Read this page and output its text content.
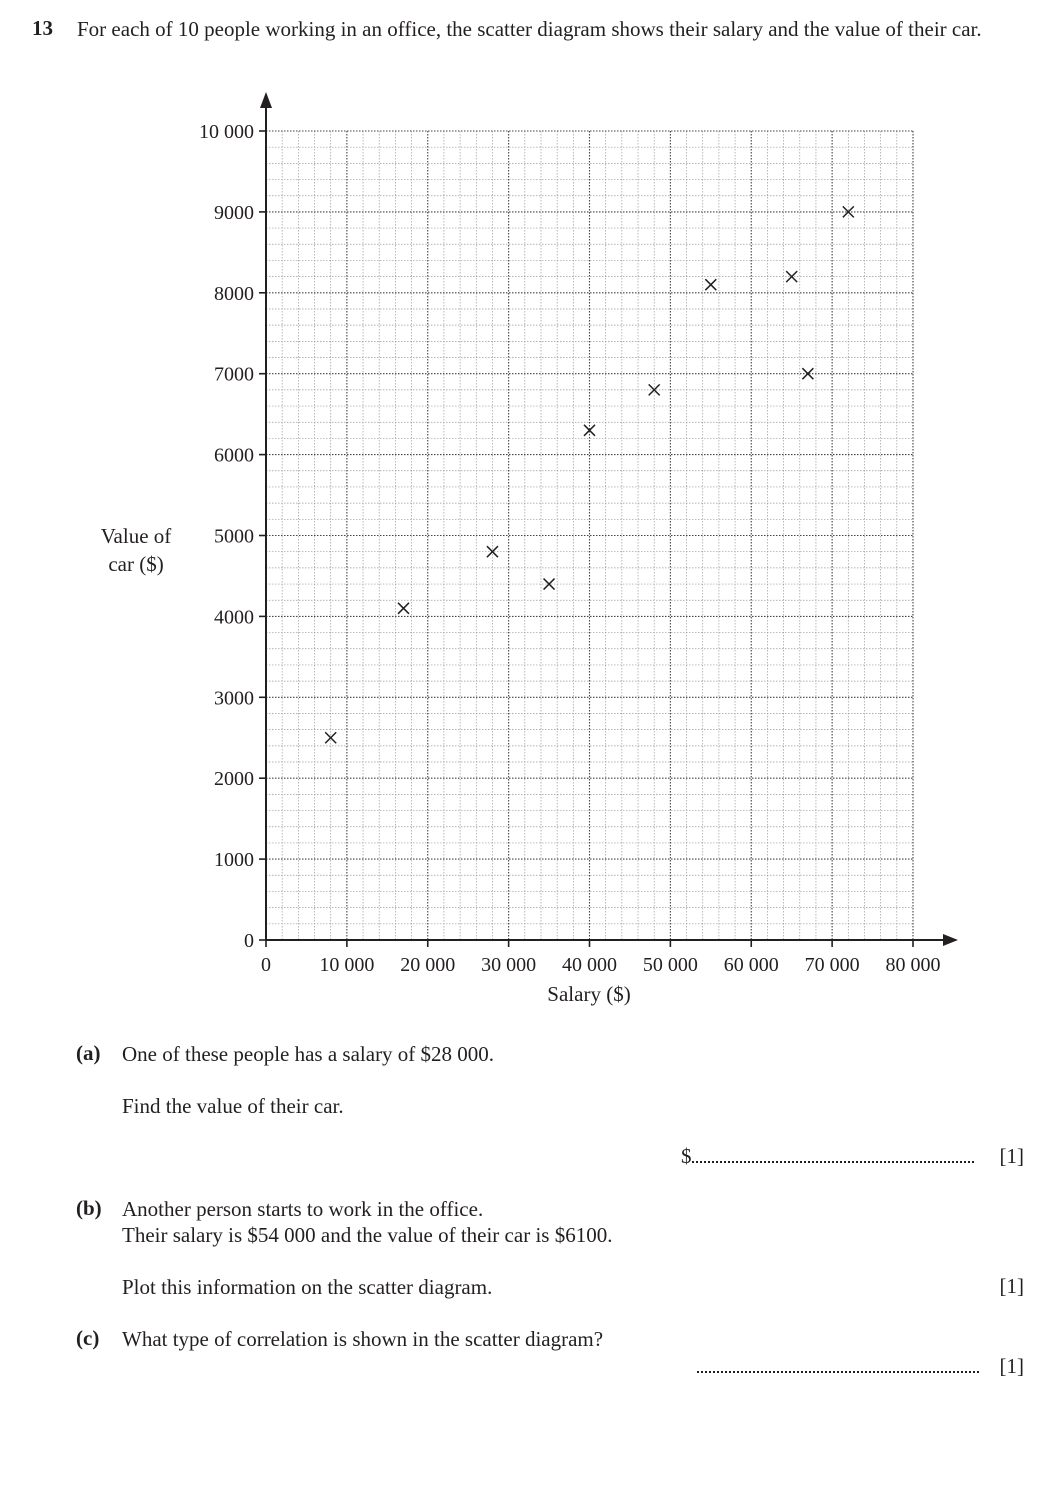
13 For each of 10 people working in an office, the scatter diagram shows their salary and the value of their car.
0
1000
2000
3000
4000
5000
6000
7000
8000
9000
10 000
0 10 000 20 000 30 000 40 000 50 000 60 000 70 000 80 000
Value of
car ($)
Salary ($)
(a) One of these people has a salary of $28 000.
Find the value of their car.
$	[1]
(b) Another person starts to work in the office.
Their salary is $54 000 and the value of their car is $6100.
Plot this information on the scatter diagram.	[1]
(c) What type of correlation is shown in the scatter diagram?
[1]
